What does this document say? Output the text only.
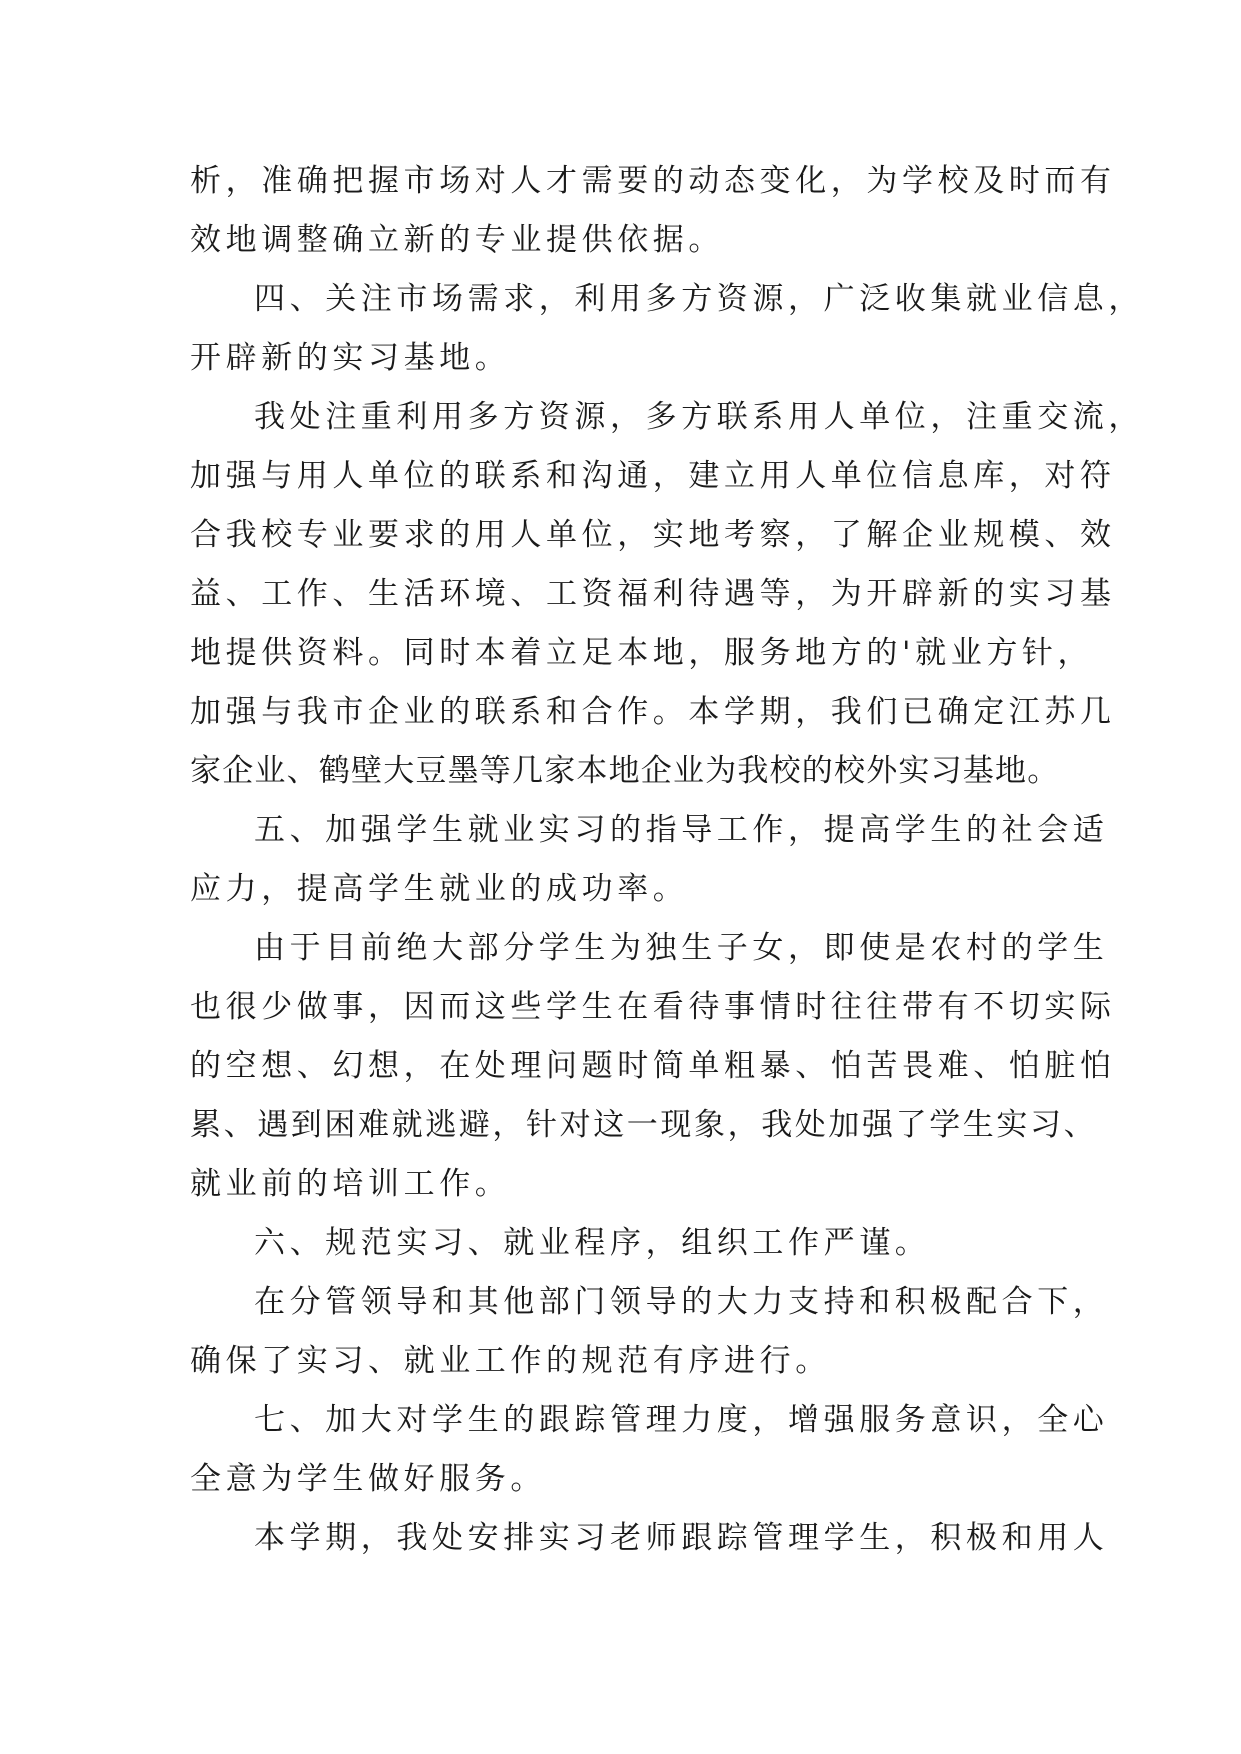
析，准确把握市场对人才需要的动态变化，为学校及时而有
效地调整确立新的专业提供依据。
四、关注市场需求，利用多方资源，广泛收集就业信息，
开辟新的实习基地。
我处注重利用多方资源，多方联系用人单位，注重交流，
加强与用人单位的联系和沟通，建立用人单位信息库，对符
合我校专业要求的用人单位，实地考察，了解企业规模、效
益、工作、生活环境、工资福利待遇等，为开辟新的实习基
地提供资料。同时本着立足本地，服务地方的'就业方针，
加强与我市企业的联系和合作。本学期，我们已确定江苏几
家企业、鹤壁大豆墨等几家本地企业为我校的校外实习基地。
五、加强学生就业实习的指导工作，提高学生的社会适
应力，提高学生就业的成功率。
由于目前绝大部分学生为独生子女，即使是农村的学生
也很少做事，因而这些学生在看待事情时往往带有不切实际
的空想、幻想，在处理问题时简单粗暴、怕苦畏难、怕脏怕
累、遇到困难就逃避，针对这一现象，我处加强了学生实习、
就业前的培训工作。
六、规范实习、就业程序，组织工作严谨。
在分管领导和其他部门领导的大力支持和积极配合下，
确保了实习、就业工作的规范有序进行。
七、加大对学生的跟踪管理力度，增强服务意识，全心
全意为学生做好服务。
本学期，我处安排实习老师跟踪管理学生，积极和用人
